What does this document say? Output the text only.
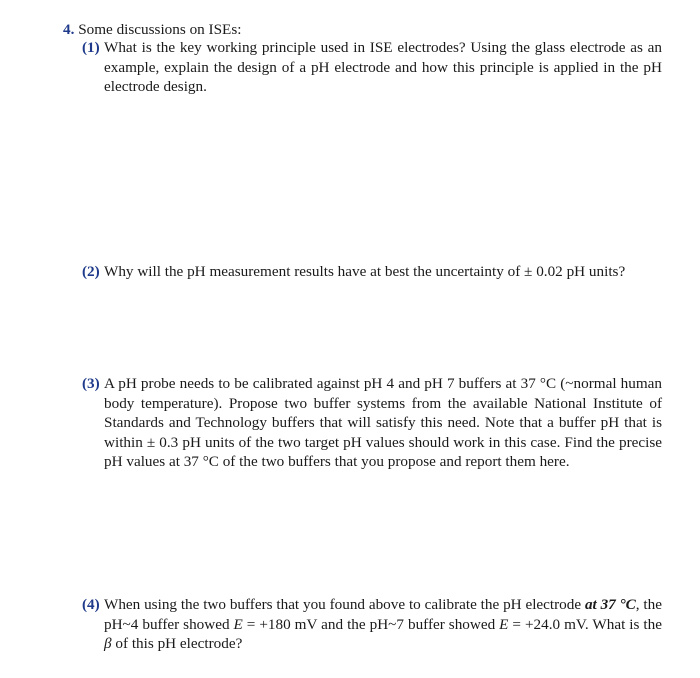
4. Some discussions on ISEs:
(1) What is the key working principle used in ISE electrodes? Using the glass electrode as an example, explain the design of a pH electrode and how this principle is applied in the pH electrode design.
(2) Why will the pH measurement results have at best the uncertainty of ± 0.02 pH units?
(3) A pH probe needs to be calibrated against pH 4 and pH 7 buffers at 37 °C (~normal human body temperature). Propose two buffer systems from the available National Institute of Standards and Technology buffers that will satisfy this need. Note that a buffer pH that is within ± 0.3 pH units of the two target pH values should work in this case. Find the precise pH values at 37 °C of the two buffers that you propose and report them here.
(4) When using the two buffers that you found above to calibrate the pH electrode at 37 °C, the pH~4 buffer showed E = +180 mV and the pH~7 buffer showed E = +24.0 mV. What is the β of this pH electrode?
